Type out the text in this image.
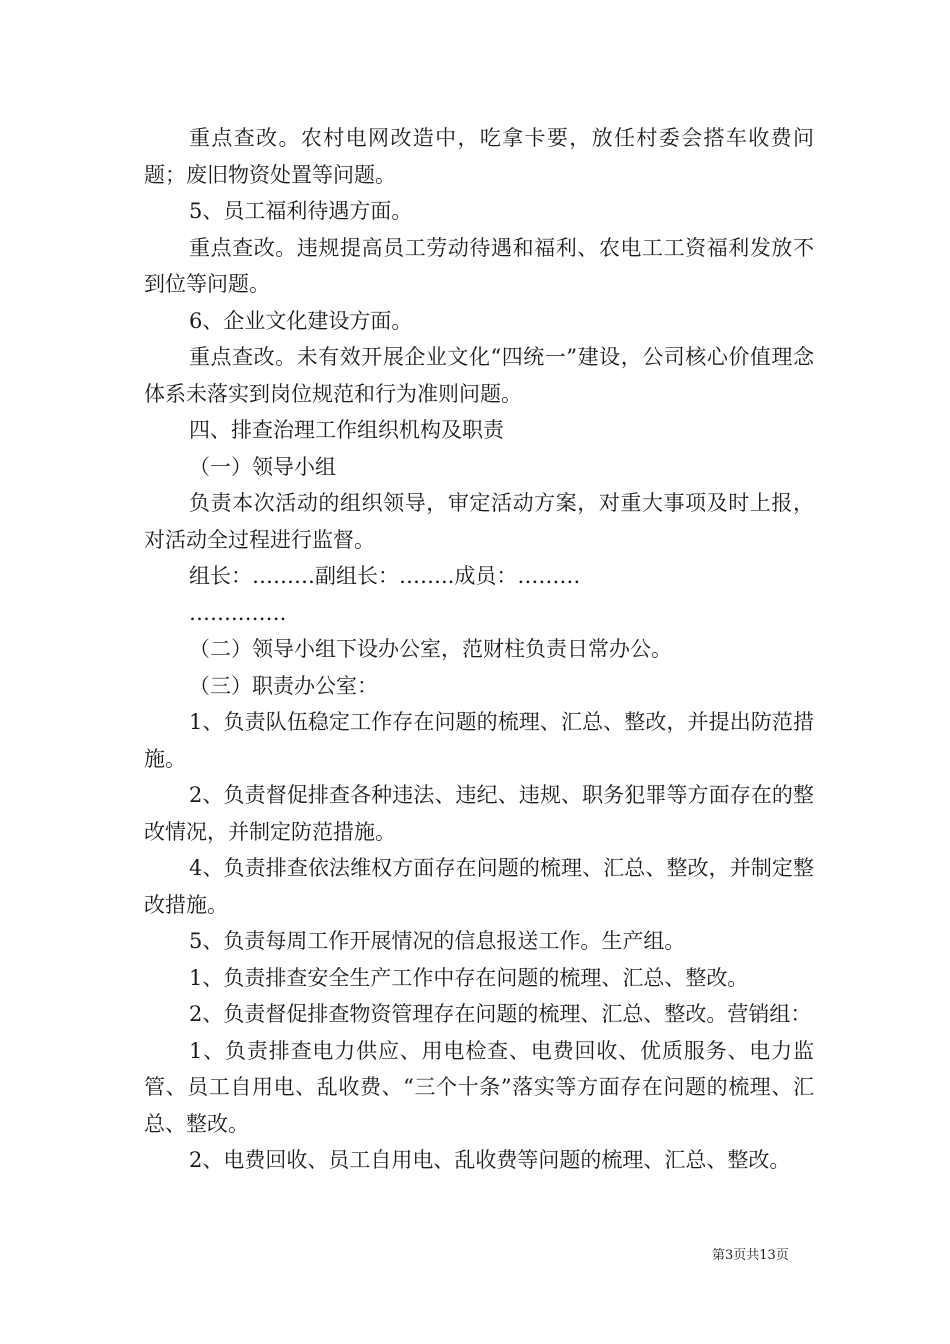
重点查改。农村电网改造中，吃拿卡要，放任村委会搭车收费问题；废旧物资处置等问题。

5、员工福利待遇方面。

重点查改。违规提高员工劳动待遇和福利、农电工工资福利发放不到位等问题。

6、企业文化建设方面。

重点查改。未有效开展企业文化“四统一”建设，公司核心价值理念体系未落实到岗位规范和行为准则问题。

四、排查治理工作组织机构及职责

（一）领导小组

负责本次活动的组织领导，审定活动方案，对重大事项及时上报，对活动全过程进行监督。

组长：………副组长：……..成员：………

…….…….

（二）领导小组下设办公室，范财柱负责日常办公。

（三）职责办公室：

1、负责队伍稳定工作存在问题的梳理、汇总、整改，并提出防范措施。

2、负责督促排查各种违法、违纪、违规、职务犯罪等方面存在的整改情况，并制定防范措施。

4、负责排查依法维权方面存在问题的梳理、汇总、整改，并制定整改措施。

5、负责每周工作开展情况的信息报送工作。生产组。

1、负责排查安全生产工作中存在问题的梳理、汇总、整改。

2、负责督促排查物资管理存在问题的梳理、汇总、整改。营销组：

1、负责排查电力供应、用电检查、电费回收、优质服务、电力监管、员工自用电、乱收费、“三个十条”落实等方面存在问题的梳理、汇总、整改。

2、电费回收、员工自用电、乱收费等问题的梳理、汇总、整改。

第3页共13页
